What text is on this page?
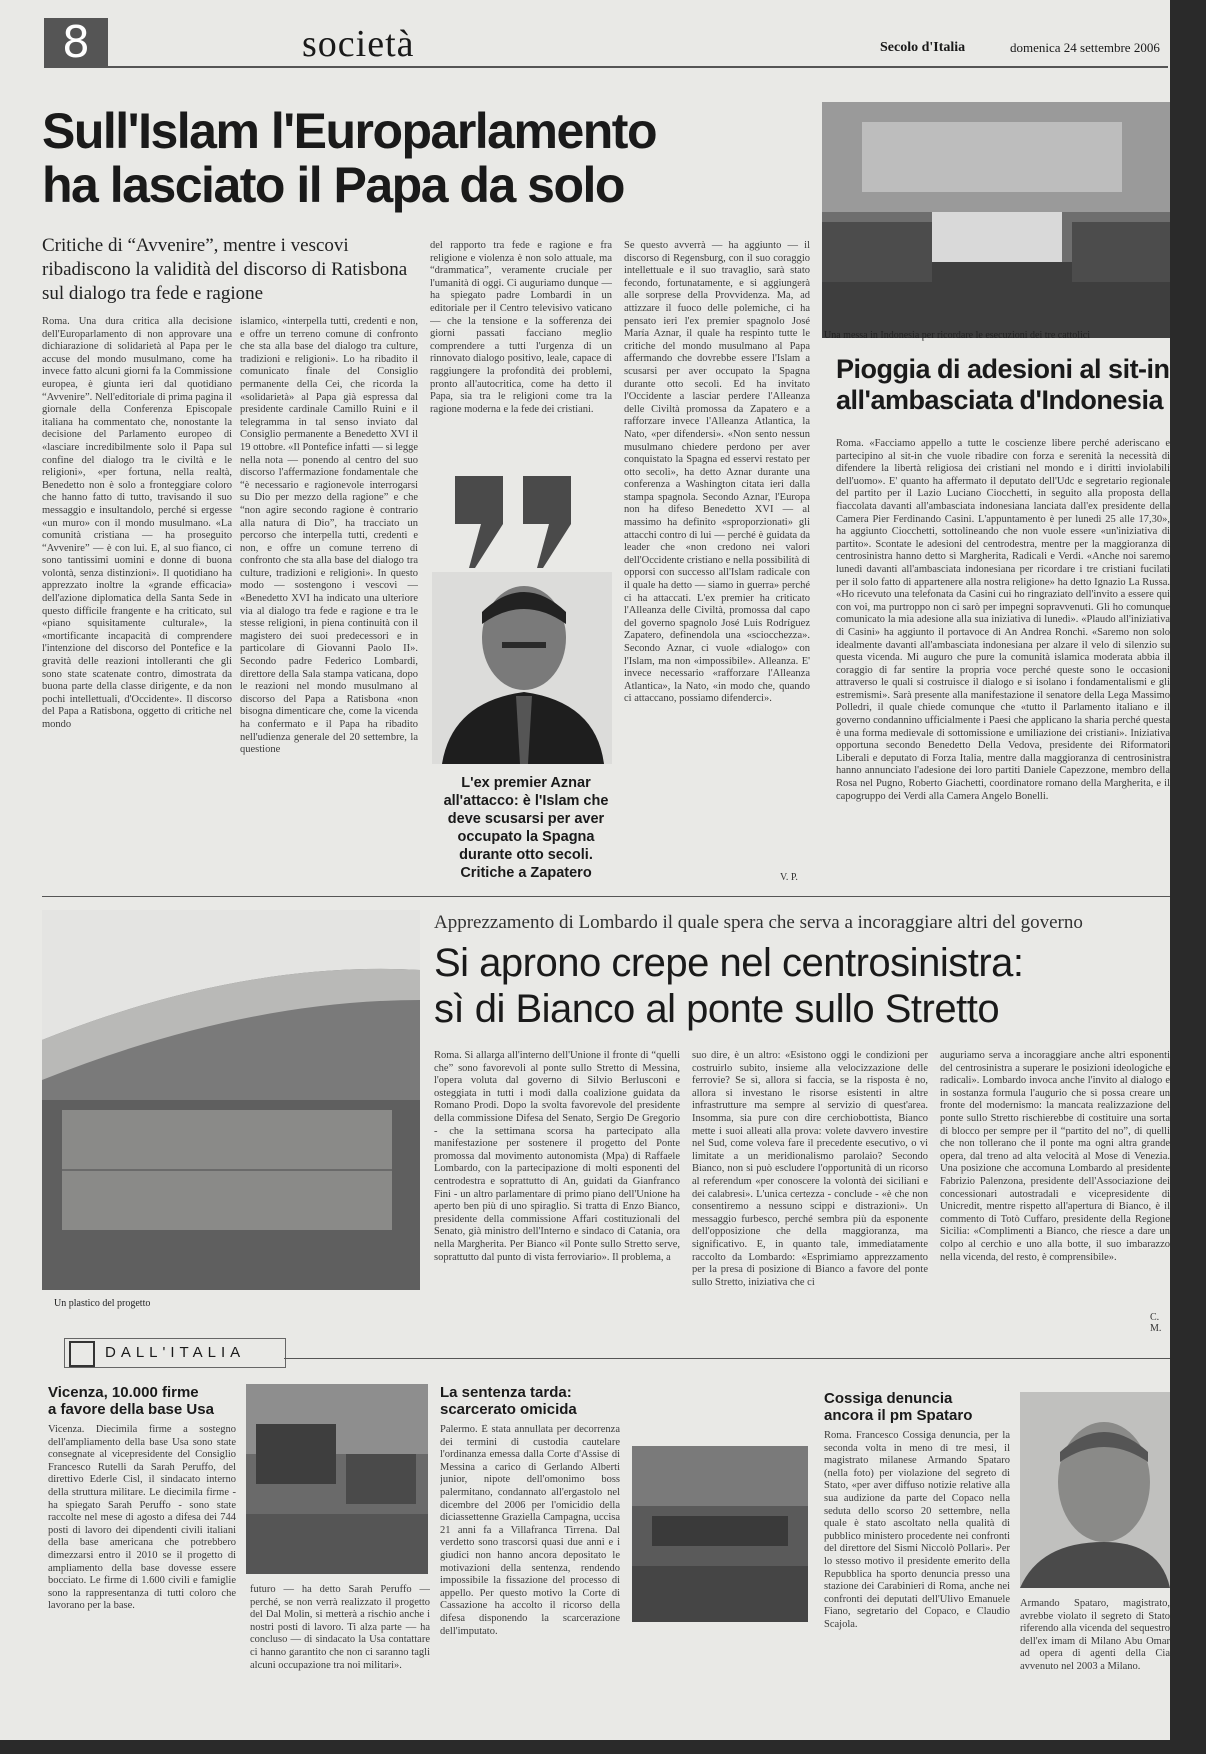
8	società	Secolo d'Italia	domenica 24 settembre 2006
Sull'Islam l'Europarlamento
ha lasciato il Papa da solo
Critiche di “Avvenire”, mentre i vescovi ribadiscono la validità del discorso di Ratisbona sul dialogo tra fede e ragione
Roma. Una dura critica alla decisione dell'Europarlamento di non approvare una dichiarazione di solidarietà al Papa per le accuse del mondo musulmano, come ha invece fatto alcuni giorni fa la Commissione europea, è giunta ieri dal quotidiano “Avvenire”. Nell'editoriale di prima pagina il giornale della Conferenza Episcopale italiana ha commentato che, nonostante la decisione del Parlamento europeo di «lasciare incredibilmente solo il Papa sul confine del dialogo tra le civiltà e le religioni», «per fortuna, nella realtà, Benedetto non è solo a fronteggiare coloro che hanno fatto di tutto, travisando il suo messaggio e insultandolo, perché si ergesse «un muro» con il mondo musulmano. «La comunità cristiana — ha proseguito “Avvenire” — è con lui. E, al suo fianco, ci sono tantissimi uomini e donne di buona volontà, senza distinzioni». Il quotidiano ha apprezzato inoltre la «grande efficacia» dell'azione diplomatica della Santa Sede in questo difficile frangente e ha criticato, sul «piano squisitamente culturale», la «mortificante incapacità di comprendere l'intenzione del discorso del Pontefice e la gravità delle reazioni intolleranti che gli sono state scatenate contro, dimostrata da buona parte della classe dirigente, e da non pochi intellettuali, d'Occidente». Il discorso del Papa a Ratisbona, oggetto di critiche nel mondo
islamico, «interpella tutti, credenti e non, e offre un terreno comune di confronto che sta alla base del dialogo tra culture, tradizioni e religioni». Lo ha ribadito il comunicato finale del Consiglio permanente della Cei, che ricorda la «solidarietà» al Papa già espressa dal presidente cardinale Camillo Ruini e il telegramma in tal senso inviato dal Consiglio permanente a Benedetto XVI il 19 ottobre. «Il Pontefice infatti — si legge nella nota — ponendo al centro del suo discorso l'affermazione fondamentale che “è necessario e ragionevole interrogarsi su Dio per mezzo della ragione” e che “non agire secondo ragione è contrario alla natura di Dio”, ha tracciato un percorso che interpella tutti, credenti e non, e offre un comune terreno di confronto che sta alla base del dialogo tra culture, tradizioni e religioni». In questo modo — sostengono i vescovi — «Benedetto XVI ha indicato una ulteriore via al dialogo tra fede e ragione e tra le stesse religioni, in piena continuità con il magistero dei suoi predecessori e in particolare di Giovanni Paolo II». Secondo padre Federico Lombardi, direttore della Sala stampa vaticana, dopo le reazioni nel mondo musulmano al discorso del Papa a Ratisbona «non bisogna dimenticare che, come la vicenda ha confermato e il Papa ha ribadito nell'udienza generale del 20 settembre, la questione
del rapporto tra fede e ragione e fra religione e violenza è non solo attuale, ma “drammatica”, veramente cruciale per l'umanità di oggi. Ci auguriamo dunque — ha spiegato padre Lombardi in un editoriale per il Centro televisivo vaticano — che la tensione e la sofferenza dei giorni passati facciano meglio comprendere a tutti l'urgenza di un rinnovato dialogo positivo, leale, capace di raggiungere la profondità dei problemi, pronto all'autocritica, come ha detto il Papa, sia tra le religioni come tra la ragione moderna e la fede dei cristiani.
L'ex premier Aznar all'attacco: è l'Islam che deve scusarsi per aver occupato la Spagna durante otto secoli. Critiche a Zapatero
Se questo avverrà — ha aggiunto — il discorso di Regensburg, con il suo coraggio intellettuale e il suo travaglio, sarà stato fecondo, fortunatamente, e si aggiungerà alle sorprese della Provvidenza. Ma, ad attizzare il fuoco delle polemiche, ci ha pensato ieri l'ex premier spagnolo José María Aznar, il quale ha respinto tutte le critiche del mondo musulmano al Papa affermando che dovrebbe essere l'Islam a scusarsi per aver occupato la Spagna durante otto secoli. Ed ha invitato l'Occidente a lasciar perdere l'Alleanza delle Civiltà promossa da Zapatero e a rafforzare invece l'Alleanza Atlantica, la Nato, «per difendersi». «Non sento nessun musulmano chiedere perdono per aver conquistato la Spagna ed esservi restato per otto secoli», ha detto Aznar durante una conferenza a Washington citata ieri dalla stampa spagnola. Secondo Aznar, l'Europa non ha difeso Benedetto XVI — al massimo ha definito «sproporzionati» gli attacchi contro di lui — perché è guidata da leader che «non credono nei valori dell'Occidente cristiano e nella possibilità di opporsi con successo all'Islam radicale con il quale ha detto — siamo in guerra» perché ci ha attaccati. L'ex premier ha criticato l'Alleanza delle Civiltà, promossa dal capo del governo spagnolo José Luis Rodríguez Zapatero, definendola una «sciocchezza». Secondo Aznar, ci vuole «dialogo» con l'Islam, ma non «impossibile». Alleanza. E' invece necessario «rafforzare l'Alleanza Atlantica», la Nato, «in modo che, quando ci attaccano, possiamo difenderci».
V. P.
Una messa in Indonesia per ricordare le esecuzioni dei tre cattolici
Pioggia di adesioni al sit-in
all'ambasciata d'Indonesia
Roma. «Facciamo appello a tutte le coscienze libere perché aderiscano e partecipino al sit-in che vuole ribadire con forza e serenità la necessità di difendere la libertà religiosa dei cristiani nel mondo e i diritti inviolabili dell'uomo». E' quanto ha affermato il deputato dell'Udc e segretario regionale del partito per il Lazio Luciano Ciocchetti, in seguito alla proposta della fiaccolata davanti all'ambasciata indonesiana lanciata dall'ex presidente della Camera Pier Ferdinando Casini. L'appuntamento è per lunedì 25 alle 17,30», ha aggiunto Ciocchetti, sottolineando che non vuole essere «un'iniziativa di partito». Scontate le adesioni del centrodestra, mentre per la maggioranza di centrosinistra hanno detto sì Margherita, Radicali e Verdi. «Anche noi saremo lunedì davanti all'ambasciata indonesiana per ricordare i tre cristiani fucilati per il solo fatto di appartenere alla nostra religione» ha detto Ignazio La Russa. «Ho ricevuto una telefonata da Casini cui ho ringraziato dell'invito a essere qui con voi, ma purtroppo non ci sarò per impegni sopravvenuti. Gli ho comunque comunicato la mia adesione alla sua iniziativa di lunedì». «Plaudo all'iniziativa di Casini» ha aggiunto il portavoce di An Andrea Ronchi. «Saremo non solo idealmente davanti all'ambasciata indonesiana per alzare il velo di silenzio su questa vicenda. Mi auguro che pure la comunità islamica moderata abbia il coraggio di far sentire la propria voce perché queste sono le occasioni attraverso le quali si costruisce il dialogo e si isolano i fondamentalismi e gli estremismi». Sarà presente alla manifestazione il senatore della Lega Massimo Polledri, il quale chiede comunque che «tutto il Parlamento italiano e il governo condannino ufficialmente i Paesi che applicano la sharia perché questa è una forma medievale di sottomissione e umiliazione dei cristiani». Iniziativa opportuna secondo Benedetto Della Vedova, presidente dei Riformatori Liberali e deputato di Forza Italia, mentre dalla maggioranza di centrosinistra hanno annunciato l'adesione dei loro partiti Daniele Capezzone, membro della Rosa nel Pugno, Roberto Giachetti, coordinatore romano della Margherita, e il capogruppo dei Verdi alla Camera Angelo Bonelli.
Un plastico del progetto
Apprezzamento di Lombardo il quale spera che serva a incoraggiare altri del governo
Si aprono crepe nel centrosinistra:
sì di Bianco al ponte sullo Stretto
Roma. Si allarga all'interno dell'Unione il fronte di “quelli che” sono favorevoli al ponte sullo Stretto di Messina, l'opera voluta dal governo di Silvio Berlusconi e osteggiata in tutti i modi dalla coalizione guidata da Romano Prodi. Dopo la svolta favorevole del presidente della commissione Difesa del Senato, Sergio De Gregorio - che la settimana scorsa ha partecipato alla manifestazione per sostenere il progetto del Ponte promossa dal movimento autonomista (Mpa) di Raffaele Lombardo, con la partecipazione di molti esponenti del centrodestra e soprattutto di An, guidati da Gianfranco Fini - un altro parlamentare di primo piano dell'Unione ha aperto ben più di uno spiraglio. Si tratta di Enzo Bianco, presidente della commissione Affari costituzionali del Senato, già ministro dell'Interno e sindaco di Catania, ora nella Margherita. Per Bianco «il Ponte sullo Stretto serve, soprattutto dal punto di vista ferroviario». Il problema, a
suo dire, è un altro: «Esistono oggi le condizioni per costruirlo subito, insieme alla velocizzazione delle ferrovie? Se sì, allora si faccia, se la risposta è no, allora si investano le risorse esistenti in altre infrastrutture ma sempre al servizio di quest'area. Insomma, sia pure con dire cerchiobottista, Bianco mette i suoi alleati alla prova: volete davvero investire nel Sud, come voleva fare il precedente esecutivo, o vi limitate a un meridionalismo parolaio? Secondo Bianco, non si può escludere l'opportunità di un ricorso al referendum «per conoscere la volontà dei siciliani e dei calabresi». L'unica certezza - conclude - «è che non consentiremo a nessuno scippi e distrazioni». Un messaggio furbesco, perché sembra più da esponente dell'opposizione che della maggioranza, ma significativo. E, in quanto tale, immediatamente raccolto da Lombardo: «Esprimiamo apprezzamento per la presa di posizione di Bianco a favore del ponte sullo Stretto, iniziativa che ci
auguriamo serva a incoraggiare anche altri esponenti del centrosinistra a superare le posizioni ideologiche e radicali». Lombardo invoca anche l'invito al dialogo e in sostanza formula l'augurio che si possa creare un fronte del modernismo: la mancata realizzazione del ponte sullo Stretto rischierebbe di costituire una sorta di blocco per sempre per il “partito del no”, di quelli che non tollerano che il ponte ma ogni altra grande opera, dal treno ad alta velocità al Mose di Venezia. Una posizione che accomuna Lombardo al presidente Fabrizio Palenzona, presidente dell'Associazione dei concessionari autostradali e vicepresidente di Unicredit, mentre rispetto all'apertura di Bianco, è il commento di Totò Cuffaro, presidente della Regione Sicilia: «Complimenti a Bianco, che riesce a dare un colpo al cerchio e uno alla botte, il suo imbarazzo nella vicenda, del resto, è comprensibile».
C. M.
DALL'ITALIA
Vicenza, 10.000 firme
a favore della base Usa
Vicenza. Diecimila firme a sostegno dell'ampliamento della base Usa sono state consegnate al vicepresidente del Consiglio Francesco Rutelli da Sarah Peruffo, del direttivo Ederle Cisl, il sindacato interno della struttura militare. Le diecimila firme - ha spiegato Sarah Peruffo - sono state raccolte nel mese di agosto a difesa dei 744 posti di lavoro dei dipendenti civili italiani della base americana che potrebbero dimezzarsi entro il 2010 se il progetto di ampliamento della base dovesse essere bocciato. Le firme di 1.600 civili e famiglie sono la rappresentanza di tutti coloro che lavorano per la base.
futuro — ha detto Sarah Peruffo — perché, se non verrà realizzato il progetto del Dal Molin, si metterà a rischio anche i nostri posti di lavoro. Ti alza parte — ha concluso — di sindacato la Usa contattare ci hanno garantito che non ci saranno tagli alcuni occupazione tra noi militari».
La sentenza tarda:
scarcerato omicida
Palermo. È stata annullata per decorrenza dei termini di custodia cautelare l'ordinanza emessa dalla Corte d'Assise di Messina a carico di Gerlando Alberti junior, nipote dell'omonimo boss palermitano, condannato all'ergastolo nel dicembre del 2006 per l'omicidio della diciassettenne Graziella Campagna, uccisa 21 anni fa a Villafranca Tirrena. Dal verdetto sono trascorsi quasi due anni e i giudici non hanno ancora depositato le motivazioni della sentenza, rendendo impossibile la fissazione del processo di appello. Per questo motivo la Corte di Cassazione ha accolto il ricorso della difesa disponendo la scarcerazione dell'imputato.
Cossiga denuncia
ancora il pm Spataro
Roma. Francesco Cossiga denuncia, per la seconda volta in meno di tre mesi, il magistrato milanese Armando Spataro (nella foto) per violazione del segreto di Stato, «per aver diffuso notizie relative alla sua audizione da parte del Copaco nella seduta dello scorso 20 settembre, nella quale è stato ascoltato nella qualità di pubblico ministero procedente nei confronti del direttore del Sismi Niccolò Pollari». Per lo stesso motivo il presidente emerito della Repubblica ha sporto denuncia presso una stazione dei Carabinieri di Roma, anche nei confronti dei deputati dell'Ulivo Emanuele Fiano, segretario del Copaco, e Claudio Scajola.
Armando Spataro, magistrato, avrebbe violato il segreto di Stato riferendo alla vicenda del sequestro dell'ex imam di Milano Abu Omar ad opera di agenti della Cia avvenuto nel 2003 a Milano.
